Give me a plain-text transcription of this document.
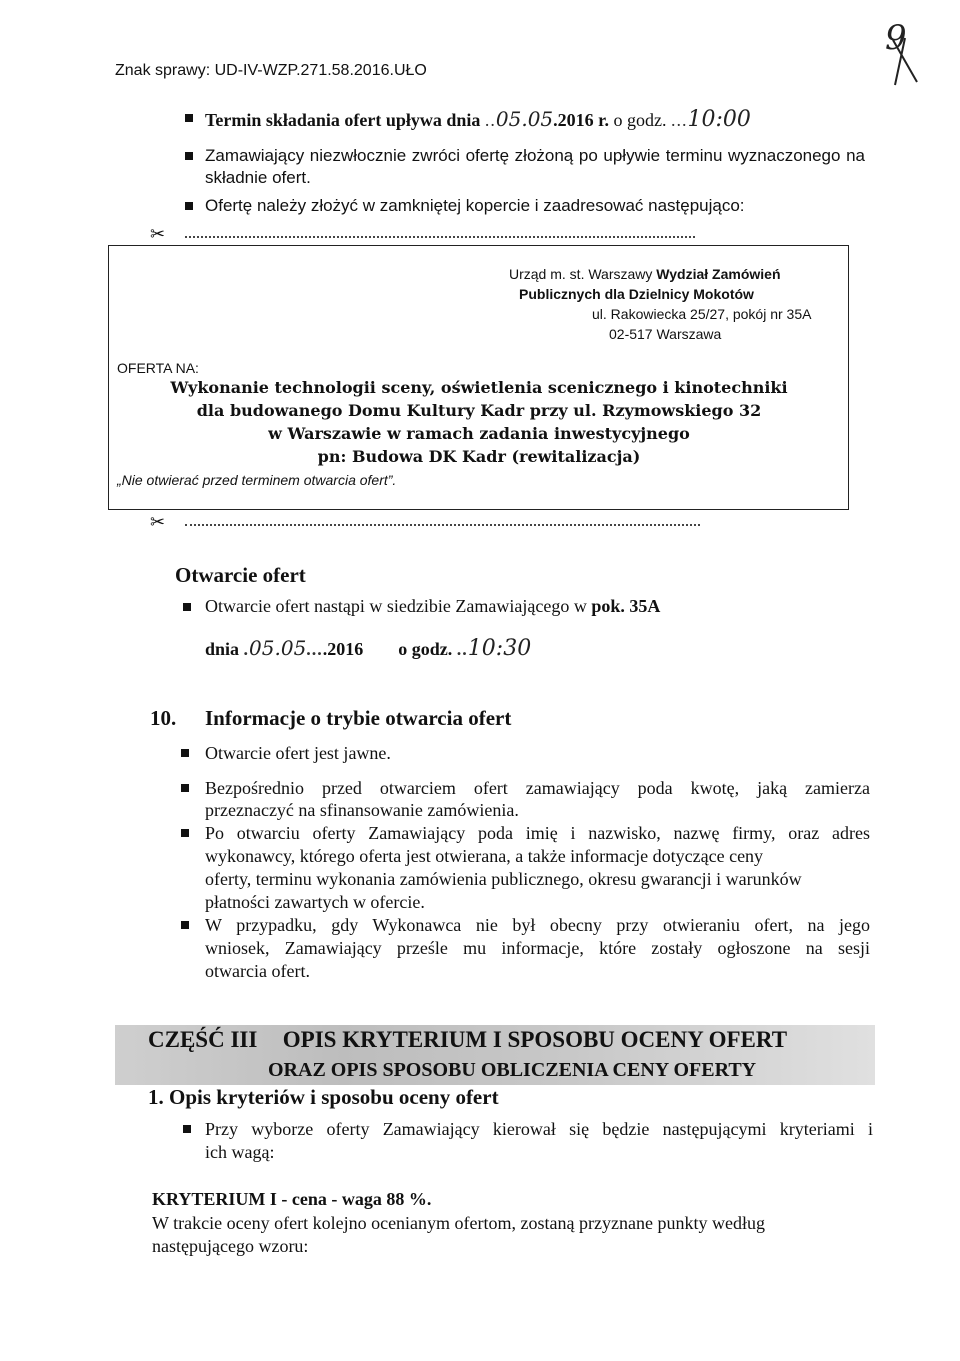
Znak sprawy: UD-IV-WZP.271.58.2016.UŁO
9
Termin składania ofert upływa dnia ..05.05.2016 r. o godz. ...10:00
Zamawiający niezwłocznie zwróci ofertę złożoną po upływie terminu wyznaczonego na składnie ofert.
Ofertę należy złożyć w zamkniętej kopercie i zaadresować następująco:
✂
Urząd m. st. Warszawy Wydział Zamówień
Publicznych dla Dzielnicy Mokotów
ul. Rakowiecka 25/27, pokój nr 35A
02-517 Warszawa
OFERTA NA:
Wykonanie technologii sceny, oświetlenia scenicznego i kinotechniki
dla budowanego Domu Kultury Kadr przy ul. Rzymowskiego 32
w Warszawie w ramach zadania inwestycyjnego
pn: Budowa DK Kadr (rewitalizacja)
„Nie otwierać przed terminem otwarcia ofert”.
✂
Otwarcie ofert
Otwarcie ofert nastąpi w siedzibie Zamawiającego w pok. 35A
dnia .05.05....2016 o godz. ..10:30
10. Informacje o trybie otwarcia ofert
Otwarcie ofert jest jawne.
Bezpośrednio przed otwarciem ofert zamawiający poda kwotę, jaką zamierza
przeznaczyć na sfinansowanie zamówienia.
Po otwarciu oferty Zamawiający poda imię i nazwisko, nazwę firmy, oraz adres
wykonawcy, którego oferta jest otwierana, a także informacje dotyczące ceny
oferty, terminu wykonania zamówienia publicznego, okresu gwarancji i warunków
płatności zawartych w ofercie.
W przypadku, gdy Wykonawca nie był obecny przy otwieraniu ofert, na jego
wniosek, Zamawiający prześle mu informacje, które zostały ogłoszone na sesji
otwarcia ofert.
CZĘŚĆ III OPIS KRYTERIUM I SPOSOBU OCENY OFERT
ORAZ OPIS SPOSOBU OBLICZENIA CENY OFERTY
1. Opis kryteriów i sposobu oceny ofert
Przy wyborze oferty Zamawiający kierował się będzie następującymi kryteriami i
ich wagą:
KRYTERIUM I - cena - waga 88 %.
W trakcie oceny ofert kolejno ocenianym ofertom, zostaną przyznane punkty według
następującego wzoru:
